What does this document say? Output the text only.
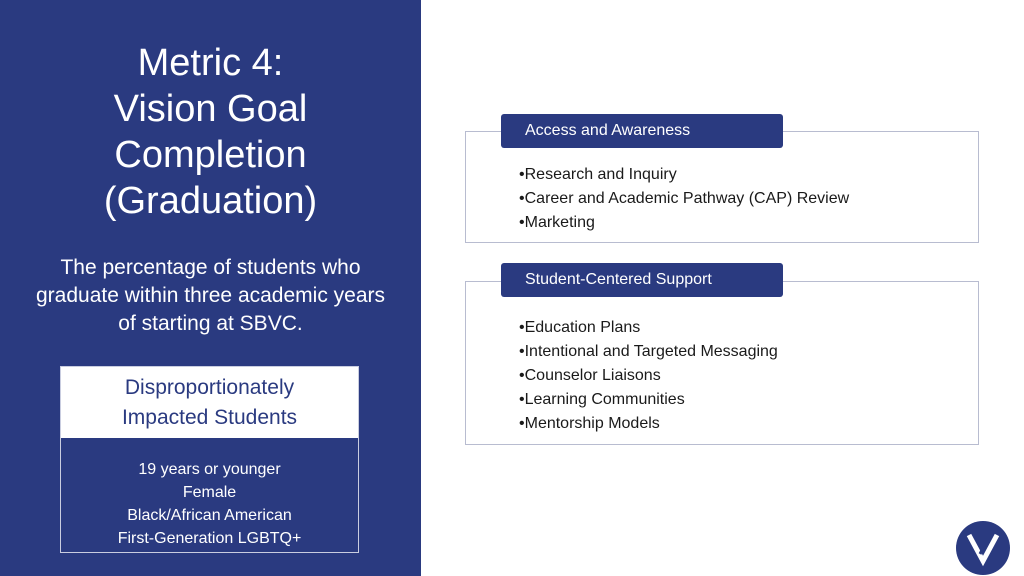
Metric 4:
Vision Goal
Completion
(Graduation)
The percentage of students who graduate within three academic years of starting at SBVC.
Disproportionately
Impacted Students
19 years or younger
Female
Black/African American
First-Generation LGBTQ+
Access and Awareness
• Research and Inquiry
• Career and Academic Pathway (CAP) Review
• Marketing
Student-Centered Support
• Education Plans
• Intentional and Targeted Messaging
• Counselor Liaisons
• Learning Communities
• Mentorship Models
